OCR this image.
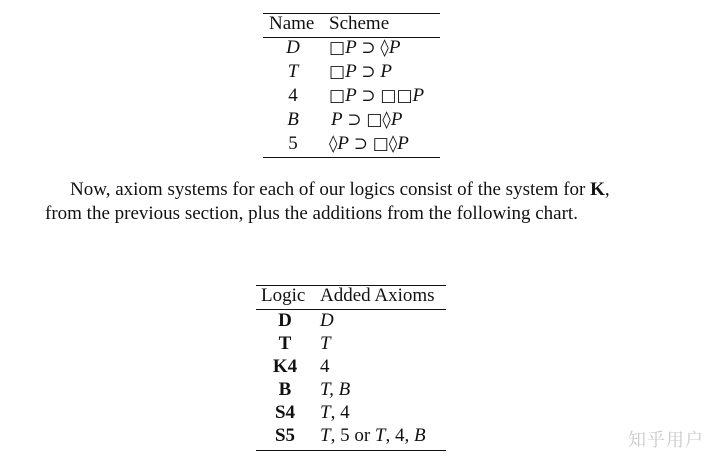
Name Scheme
D	□P ⊃ ◊P
T	□P ⊃ P
4	□P ⊃ □□P
B	P ⊃ □◊P
5	◊P ⊃ □◊P
Now, axiom systems for each of our logics consist of the system for K,
from the previous section, plus the additions from the following chart.
Logic Added Axioms
D	D
T	T
K4	4
B	T, B
S4	T, 4
S5	T, 5 or T, 4, B	知乎用户
